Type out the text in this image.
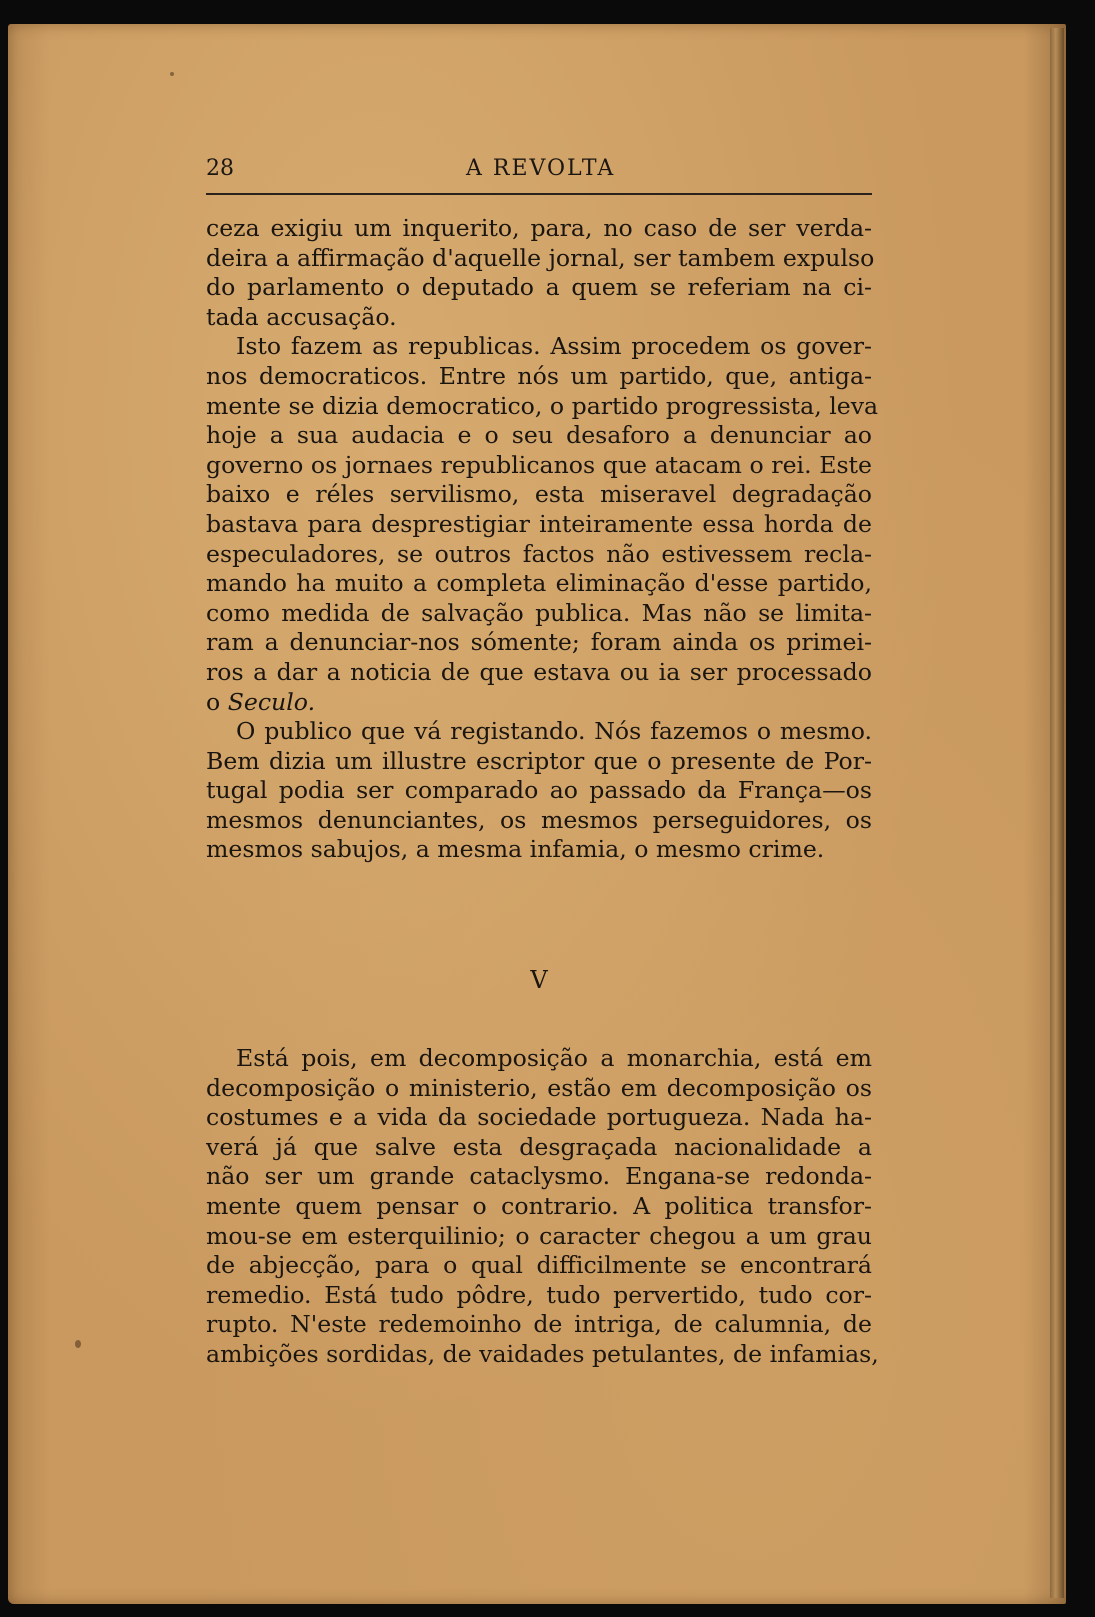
28	A REVOLTA
ceza exigiu um inquerito, para, no caso de ser verda-
deira a affirmação d'aquelle jornal, ser tambem expulso
do parlamento o deputado a quem se referiam na ci-
tada accusação.
Isto fazem as republicas. Assim procedem os gover-
nos democraticos. Entre nós um partido, que, antiga-
mente se dizia democratico, o partido progressista, leva
hoje a sua audacia e o seu desaforo a denunciar ao
governo os jornaes republicanos que atacam o rei. Este
baixo e réles servilismo, esta miseravel degradação
bastava para desprestigiar inteiramente essa horda de
especuladores, se outros factos não estivessem recla-
mando ha muito a completa eliminação d'esse partido,
como medida de salvação publica. Mas não se limita-
ram a denunciar-nos sómente; foram ainda os primei-
ros a dar a noticia de que estava ou ia ser processado
o Seculo.
O publico que vá registando. Nós fazemos o mesmo.
Bem dizia um illustre escriptor que o presente de Por-
tugal podia ser comparado ao passado da França—os
mesmos denunciantes, os mesmos perseguidores, os
mesmos sabujos, a mesma infamia, o mesmo crime.
V
Está pois, em decomposição a monarchia, está em
decomposição o ministerio, estão em decomposição os
costumes e a vida da sociedade portugueza. Nada ha-
verá já que salve esta desgraçada nacionalidade a
não ser um grande cataclysmo. Engana-se redonda-
mente quem pensar o contrario. A politica transfor-
mou-se em esterquilinio; o caracter chegou a um grau
de abjecção, para o qual difficilmente se encontrará
remedio. Está tudo pôdre, tudo pervertido, tudo cor-
rupto. N'este redemoinho de intriga, de calumnia, de
ambições sordidas, de vaidades petulantes, de infamias,
